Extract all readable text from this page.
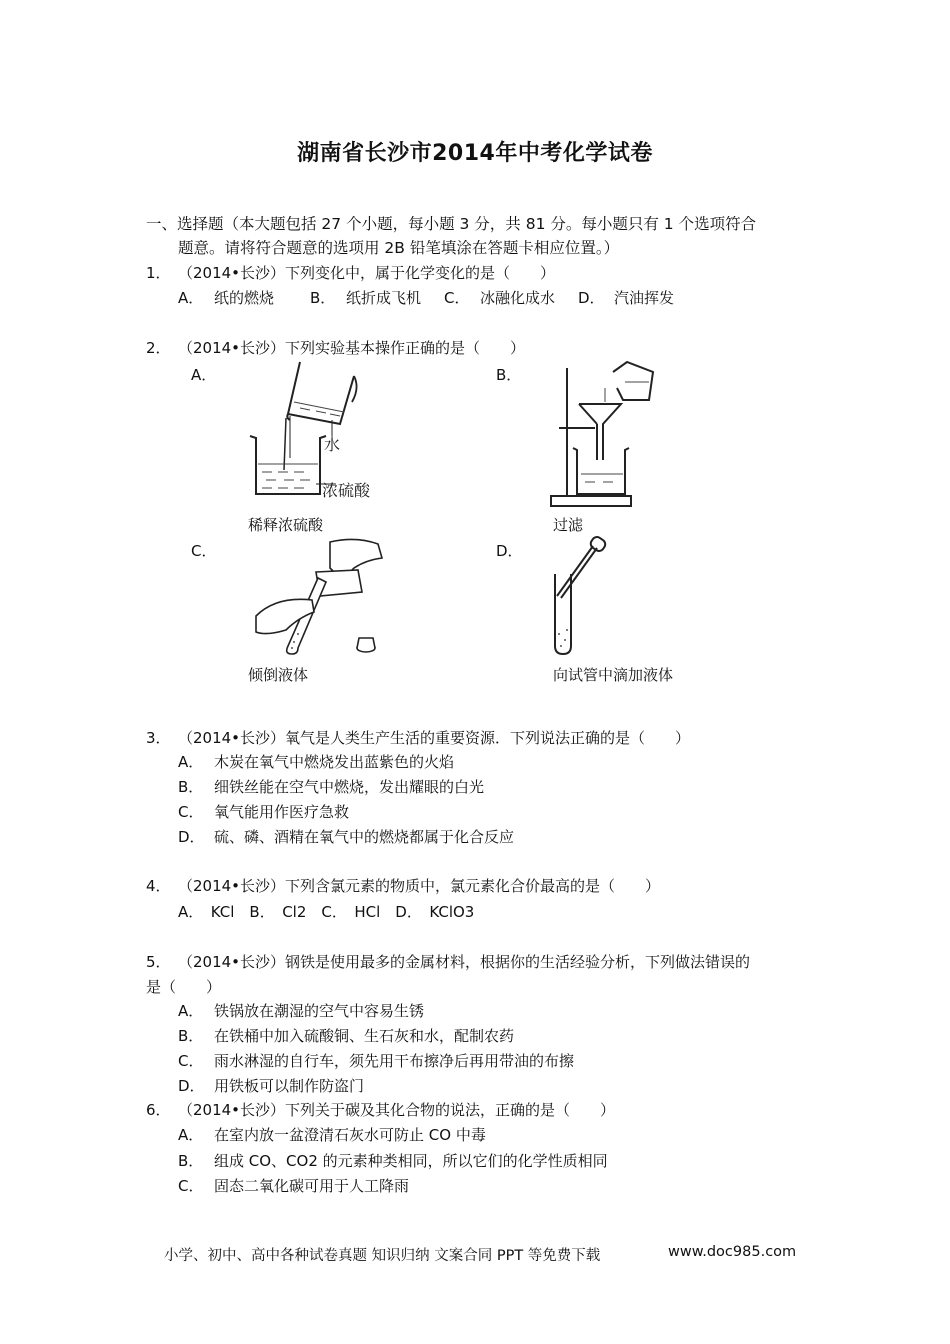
湖南省长沙市2014年中考化学试卷
一、选择题（本大题包括 27 个小题，每小题 3 分，共 81 分。每小题只有 1 个选项符合
题意。请将符合题意的选项用 2B 铅笔填涂在答题卡相应位置。）
1． （2014•长沙）下列变化中，属于化学变化的是（　　）
A． 纸的燃烧 B． 纸折成飞机 C． 冰融化成水 D． 汽油挥发
2． （2014•长沙）下列实验基本操作正确的是（　　）
A．
水
浓硫酸
稀释浓硫酸
B．
过滤
C．
倾倒液体
D．
向试管中滴加液体
3． （2014•长沙）氧气是人类生产生活的重要资源．下列说法正确的是（　　）
A． 木炭在氧气中燃烧发出蓝紫色的火焰
B． 细铁丝能在空气中燃烧，发出耀眼的白光
C． 氧气能用作医疗急救
D． 硫、磷、酒精在氧气中的燃烧都属于化合反应
4． （2014•长沙）下列含氯元素的物质中，氯元素化合价最高的是（　　）
A．　KCl　B．　Cl2　C．　HCl　D．　KClO3
5． （2014•长沙）钢铁是使用最多的金属材料，根据你的生活经验分析，下列做法错误的
是（　　）
A． 铁锅放在潮湿的空气中容易生锈
B． 在铁桶中加入硫酸铜、生石灰和水，配制农药
C． 雨水淋湿的自行车，须先用干布擦净后再用带油的布擦
D． 用铁板可以制作防盗门
6． （2014•长沙）下列关于碳及其化合物的说法，正确的是（　　）
A． 在室内放一盆澄清石灰水可防止 CO 中毒
B． 组成 CO、CO2 的元素种类相同，所以它们的化学性质相同
C． 固态二氧化碳可用于人工降雨
小学、初中、高中各种试卷真题 知识归纳 文案合同 PPT 等免费下载	www.doc985.com
